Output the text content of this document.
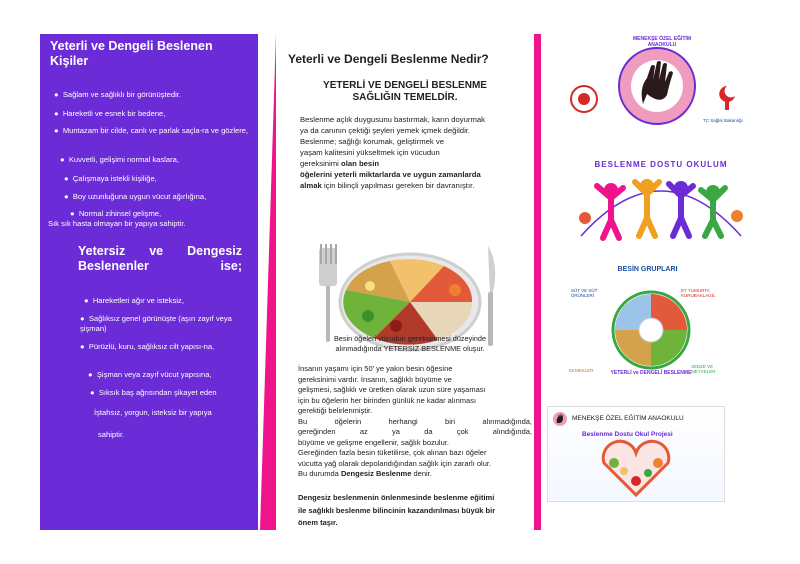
Yeterli ve Dengeli Beslenen Kişiler
●  Sağlam ve sağlıklı bir görünüştedir.
●  Hareketli ve esnek bir bedene,
●  Muntazam bir cilde, canlı ve parlak saçla-ra ve gözlere,
●  Kuvvetli, gelişimi normal kaslara,
●  Çalışmaya istekli kişiliğe,
●  Boy uzunluğuna uygun vücut ağırlığına,
●  Normal zihinsel gelişme,
Sık sık hasta olmayan bir yapıya sahiptir.
Yetersiz ve Dengesiz Beslenenler ise;
●  Hareketleri ağır ve isteksiz,
●  Sağlıksız genel görünüşte (aşırı zayıf veya şişman)
●  Pürüzlü, kuru, sağlıksız cilt yapısı-na,
●  Şişman veya zayıf vücut yapısına,
●  Sıksık baş ağrısından şikayet eden
İştahsız, yorgun, isteksiz bir yapıya
sahiptir.
Yeterli ve Dengeli Beslenme Nedir?
YETERLİ VE DENGELİ BESLENME
SAĞLIĞIN TEMELDİR.
Beslenme açlık duygusunu bastırmak, karın doyurmak
ya da canının çektiği şeyleri yemek içmek değildir.
Beslenme; sağlığı korumak, geliştirmek ve
yaşam kalitesini yükseltmek için vücudun
gereksinimi olan besin
öğelerini yeterli miktarlarda ve uygun zamanlarda
almak için bilinçli yapılması gereken bir davranıştır.
Besin öğeleri vücudun gereksinmesi düzeyinde
alınmadığında YETERSİZ BESLENME oluşur.
İnsanın yaşamı için 50' ye yakın besin öğesine
gereksinimi vardır. İnsanın, sağlıklı büyüme ve
gelişmesi, sağlıklı ve üretken olarak uzun süre yaşaması
için bu öğelerin her birinden günlük ne kadar alınması
gerektiği belirlenmiştir.
Bu öğelerin herhangi biri alınmadığında,
gereğinden az ya da çok alındığında,
büyüme ve gelişme engellenir, sağlık bozulur.
Gereğinden fazla besin tüketilirse, çok alınan bazı öğeler
vücutta yağ olarak depolandığından sağlık için zararlı olur.
Bu durumda Dengesiz Beslenme denir.
Dengesiz beslenmenin önlenmesinde beslenme eğitimi
ile sağlıklı beslenme bilincinin kazandırılması büyük bir
önem taşır.
MENEKŞE ÖZEL EĞİTİM ANAOKULU
TC Sağlık Bakanlığı
BESLENME DOSTU OKULUM
BESİN GRUPLARI
SÜT VE SÜT ÜRÜNLERİ
ET YUMURTA KURUBAKLAGİL
SEBZE VE MEYVELER
EKMEKLER	YETERLİ ve DENGELİ BESLENME
MENEKŞE ÖZEL EĞİTİM ANAOKULU
Beslenme Dostu Okul Projesi
